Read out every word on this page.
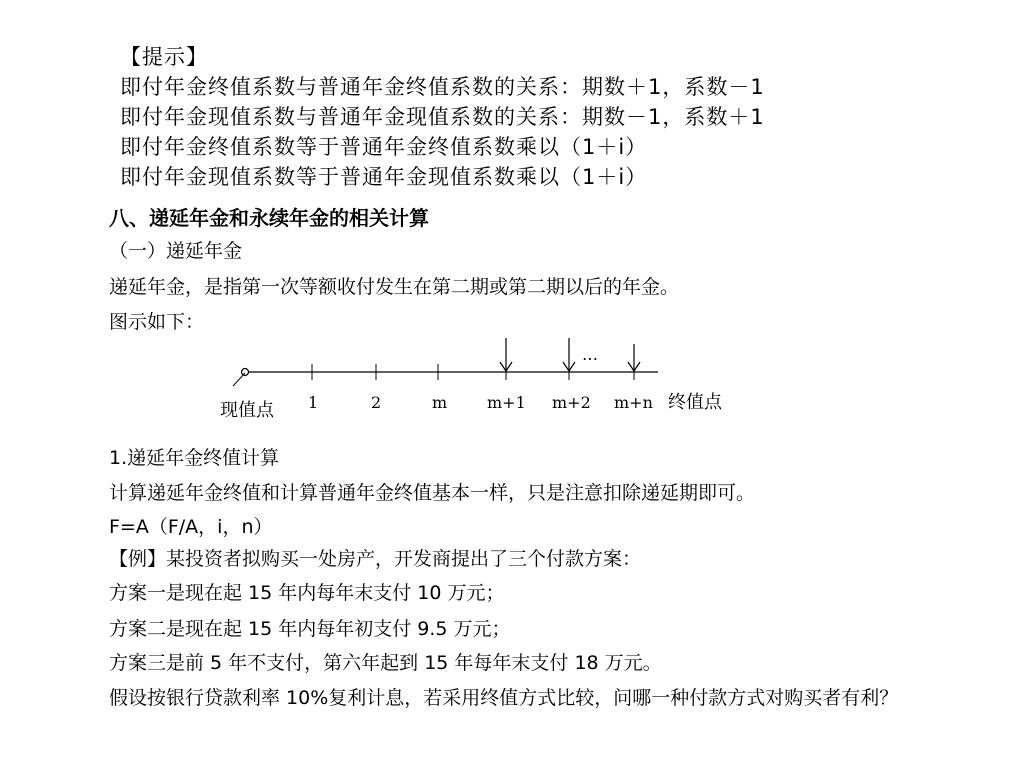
【提示】
即付年金终值系数与普通年金终值系数的关系：期数＋1，系数－1
即付年金现值系数与普通年金现值系数的关系：期数－1，系数＋1
即付年金终值系数等于普通年金终值系数乘以（1＋i）
即付年金现值系数等于普通年金现值系数乘以（1＋i）
八、递延年金和永续年金的相关计算
（一）递延年金
递延年金，是指第一次等额收付发生在第二期或第二期以后的年金。
图示如下：
…
现值点 1	2	m m+1 m+2 m+n 终值点
1.递延年金终值计算
计算递延年金终值和计算普通年金终值基本一样，只是注意扣除递延期即可。
F=A（F/A，i，n）
【例】某投资者拟购买一处房产，开发商提出了三个付款方案：
方案一是现在起 15 年内每年末支付 10 万元；
方案二是现在起 15 年内每年初支付 9.5 万元；
方案三是前 5 年不支付，第六年起到 15 年每年末支付 18 万元。
假设按银行贷款利率 10%复利计息，若采用终值方式比较，问哪一种付款方式对购买者有利？
